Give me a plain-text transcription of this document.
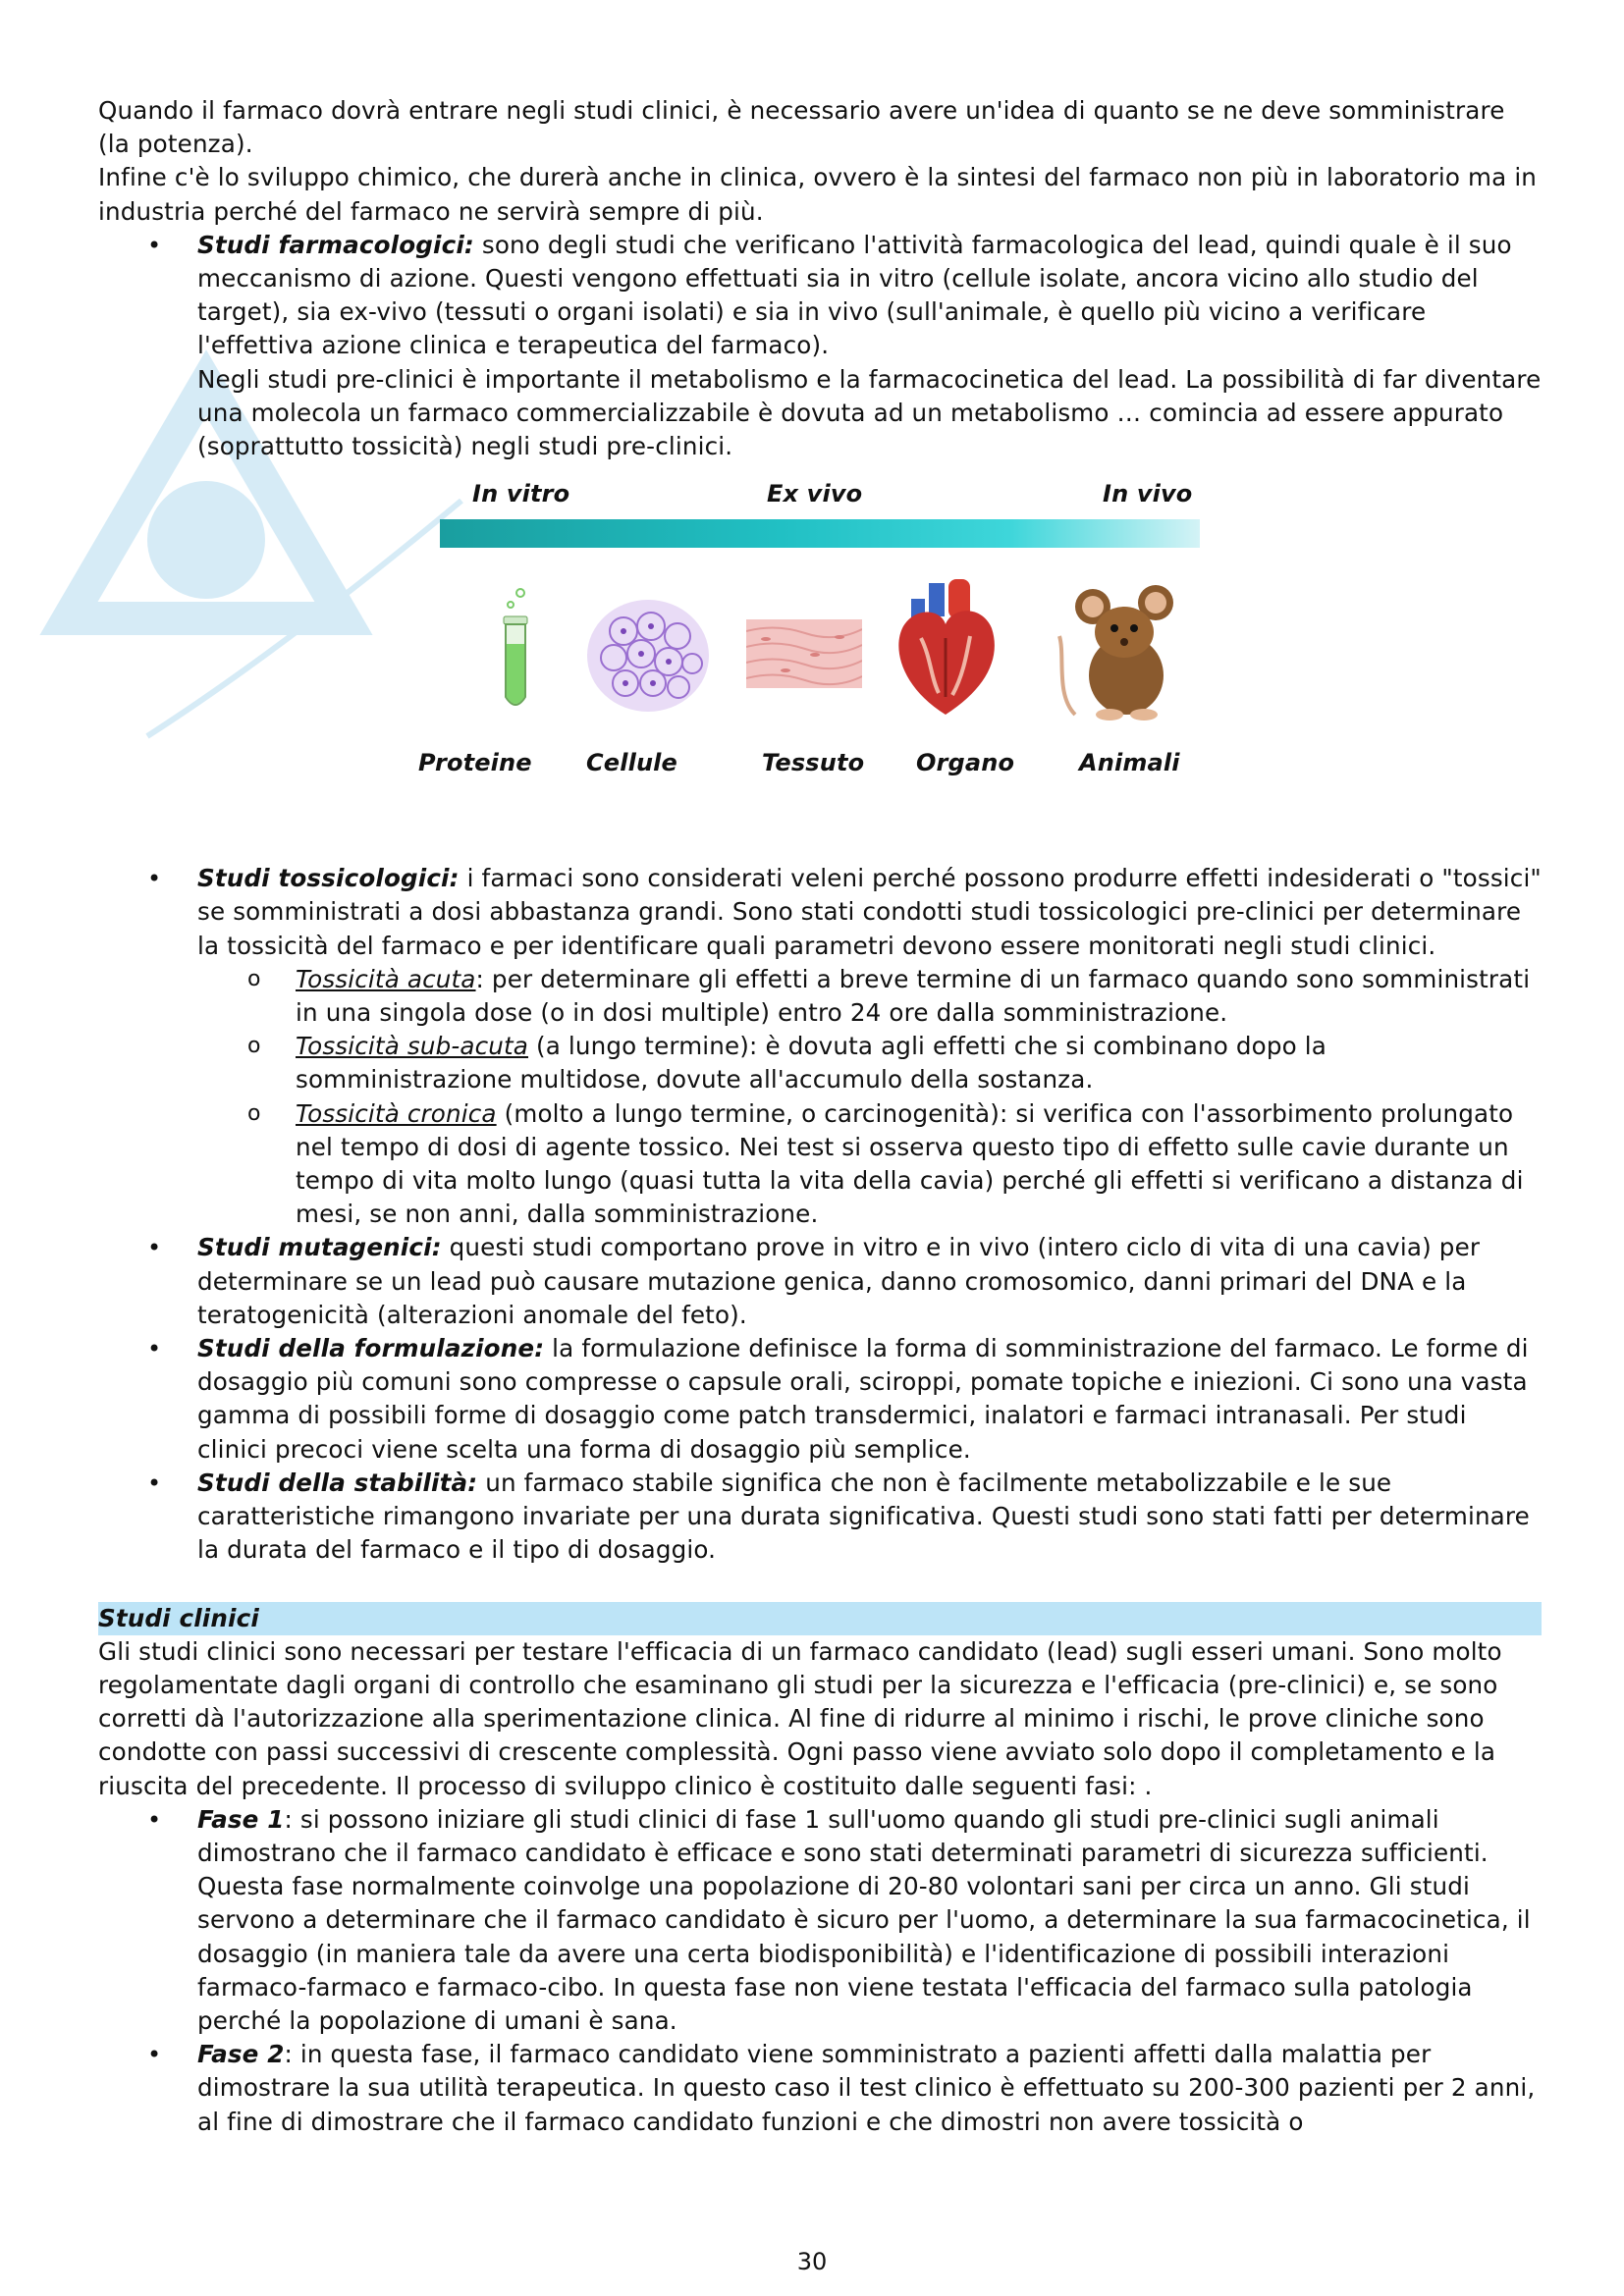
Quando il farmaco dovrà entrare negli studi clinici, è necessario avere un'idea di quanto se ne deve somministrare (la potenza).

Infine c'è lo sviluppo chimico, che durerà anche in clinica, ovvero è la sintesi del farmaco non più in laboratorio ma in industria perché del farmaco ne servirà sempre di più.

• Studi farmacologici: sono degli studi che verificano l'attività farmacologica del lead, quindi quale è il suo meccanismo di azione. Questi vengono effettuati sia in vitro (cellule isolate, ancora vicino allo studio del target), sia ex-vivo (tessuti o organi isolati) e sia in vivo (sull'animale, è quello più vicino a verificare l'effettiva azione clinica e terapeutica del farmaco).

Negli studi pre-clinici è importante il metabolismo e la farmacocinetica del lead. La possibilità di far diventare una molecola un farmaco commercializzabile è dovuta ad un metabolismo … comincia ad essere appurato (soprattutto tossicità) negli studi pre-clinici.

In vitro	Ex vivo	In vivo
Proteine Cellule	Tessuto Organo	Animali
• Studi tossicologici: i farmaci sono considerati veleni perché possono produrre effetti indesiderati o "tossici" se somministrati a dosi abbastanza grandi. Sono stati condotti studi tossicologici pre-clinici per determinare la tossicità del farmaco e per identificare quali parametri devono essere monitorati negli studi clinici.
o Tossicità acuta: per determinare gli effetti a breve termine di un farmaco quando sono somministrati in una singola dose (o in dosi multiple) entro 24 ore dalla somministrazione.
o Tossicità sub-acuta (a lungo termine): è dovuta agli effetti che si combinano dopo la somministrazione multidose, dovute all'accumulo della sostanza.
o Tossicità cronica (molto a lungo termine, o carcinogenità): si verifica con l'assorbimento prolungato nel tempo di dosi di agente tossico. Nei test si osserva questo tipo di effetto sulle cavie durante un tempo di vita molto lungo (quasi tutta la vita della cavia) perché gli effetti si verificano a distanza di mesi, se non anni, dalla somministrazione.
• Studi mutagenici: questi studi comportano prove in vitro e in vivo (intero ciclo di vita di una cavia) per determinare se un lead può causare mutazione genica, danno cromosomico, danni primari del DNA e la teratogenicità (alterazioni anomale del feto).
• Studi della formulazione: la formulazione definisce la forma di somministrazione del farmaco. Le forme di dosaggio più comuni sono compresse o capsule orali, sciroppi, pomate topiche e iniezioni. Ci sono una vasta gamma di possibili forme di dosaggio come patch transdermici, inalatori e farmaci intranasali. Per studi clinici precoci viene scelta una forma di dosaggio più semplice.
• Studi della stabilità: un farmaco stabile significa che non è facilmente metabolizzabile e le sue caratteristiche rimangono invariate per una durata significativa. Questi studi sono stati fatti per determinare la durata del farmaco e il tipo di dosaggio.

Studi clinici

Gli studi clinici sono necessari per testare l'efficacia di un farmaco candidato (lead) sugli esseri umani. Sono molto regolamentate dagli organi di controllo che esaminano gli studi per la sicurezza e l'efficacia (pre-clinici) e, se sono corretti dà l'autorizzazione alla sperimentazione clinica. Al fine di ridurre al minimo i rischi, le prove cliniche sono condotte con passi successivi di crescente complessità. Ogni passo viene avviato solo dopo il completamento e la riuscita del precedente. Il processo di sviluppo clinico è costituito dalle seguenti fasi: .

• Fase 1: si possono iniziare gli studi clinici di fase 1 sull'uomo quando gli studi pre-clinici sugli animali dimostrano che il farmaco candidato è efficace e sono stati determinati parametri di sicurezza sufficienti. Questa fase normalmente coinvolge una popolazione di 20-80 volontari sani per circa un anno. Gli studi servono a determinare che il farmaco candidato è sicuro per l'uomo, a determinare la sua farmacocinetica, il dosaggio (in maniera tale da avere una certa biodisponibilità) e l'identificazione di possibili interazioni farmaco-farmaco e farmaco-cibo. In questa fase non viene testata l'efficacia del farmaco sulla patologia perché la popolazione di umani è sana.
• Fase 2: in questa fase, il farmaco candidato viene somministrato a pazienti affetti dalla malattia per dimostrare la sua utilità terapeutica. In questo caso il test clinico è effettuato su 200-300 pazienti per 2 anni, al fine di dimostrare che il farmaco candidato funzioni e che dimostri non avere tossicità o
30
